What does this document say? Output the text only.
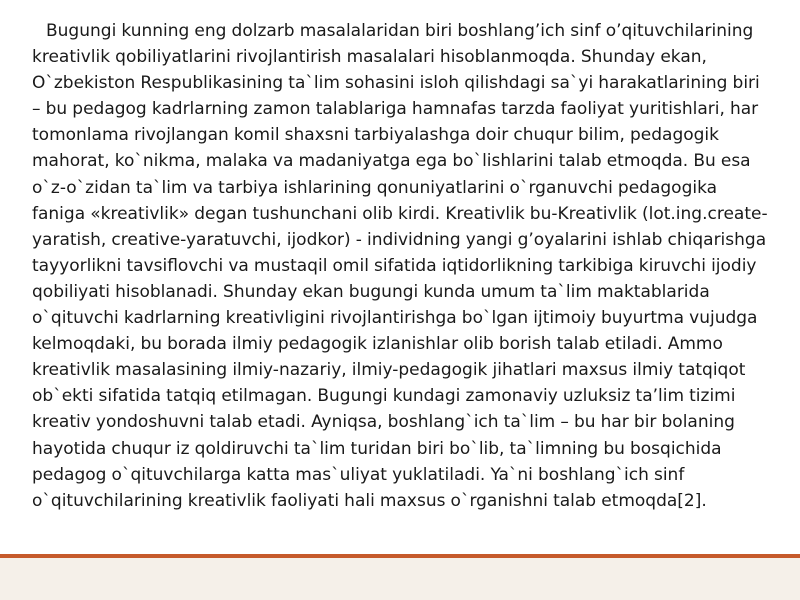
Bugungi kunning eng dolzarb masalalaridan biri boshlang’ich sinf o’qituvchilarining kreativlik qobiliyatlarini rivojlantirish masalalari hisoblanmoqda. Shunday ekan, O`zbekiston Respublikasining ta`lim sohasini isloh qilishdagi sa`yi harakatlarining biri – bu pedagog kadrlarning zamon talablariga hamnafas tarzda faoliyat yuritishlari, har tomonlama rivojlangan komil shaxsni tarbiyalashga doir chuqur bilim, pedagogik mahorat, ko`nikma, malaka va madaniyatga ega bo`lishlarini talab etmoqda. Bu esa o`z-o`zidan ta`lim va tarbiya ishlarining qonuniyatlarini o`rganuvchi pedagogika faniga «kreativlik» degan tushunchani olib kirdi. Kreativlik bu-Kreativlik (lot.ing.create-yaratish, creative-yaratuvchi, ijodkor) - individning yangi g’oyalarini ishlab chiqarishga tayyorlikni tavsiflovchi va mustaqil omil sifatida iqtidorlikning tarkibiga kiruvchi ijodiy qobiliyati hisoblanadi. Shunday ekan bugungi kunda umum ta`lim maktablarida o`qituvchi kadrlarning kreativligini rivojlantirishga bo`lgan ijtimoiy buyurtma vujudga kelmoqdaki, bu borada ilmiy pedagogik izlanishlar olib borish talab etiladi. Ammo kreativlik masalasining ilmiy-nazariy, ilmiy-pedagogik jihatlari maxsus ilmiy tatqiqot ob`ekti sifatida tatqiq etilmagan. Bugungi kundagi zamonaviy uzluksiz ta’lim tizimi kreativ yondoshuvni talab etadi. Ayniqsa, boshlang`ich ta`lim – bu har bir bolaning hayotida chuqur iz qoldiruvchi ta`lim turidan biri bo`lib, ta`limning bu bosqichida pedagog o`qituvchilarga katta mas`uliyat yuklatiladi. Ya`ni boshlang`ich sinf o`qituvchilarining kreativlik faoliyati hali maxsus o`rganishni talab etmoqda[2].
